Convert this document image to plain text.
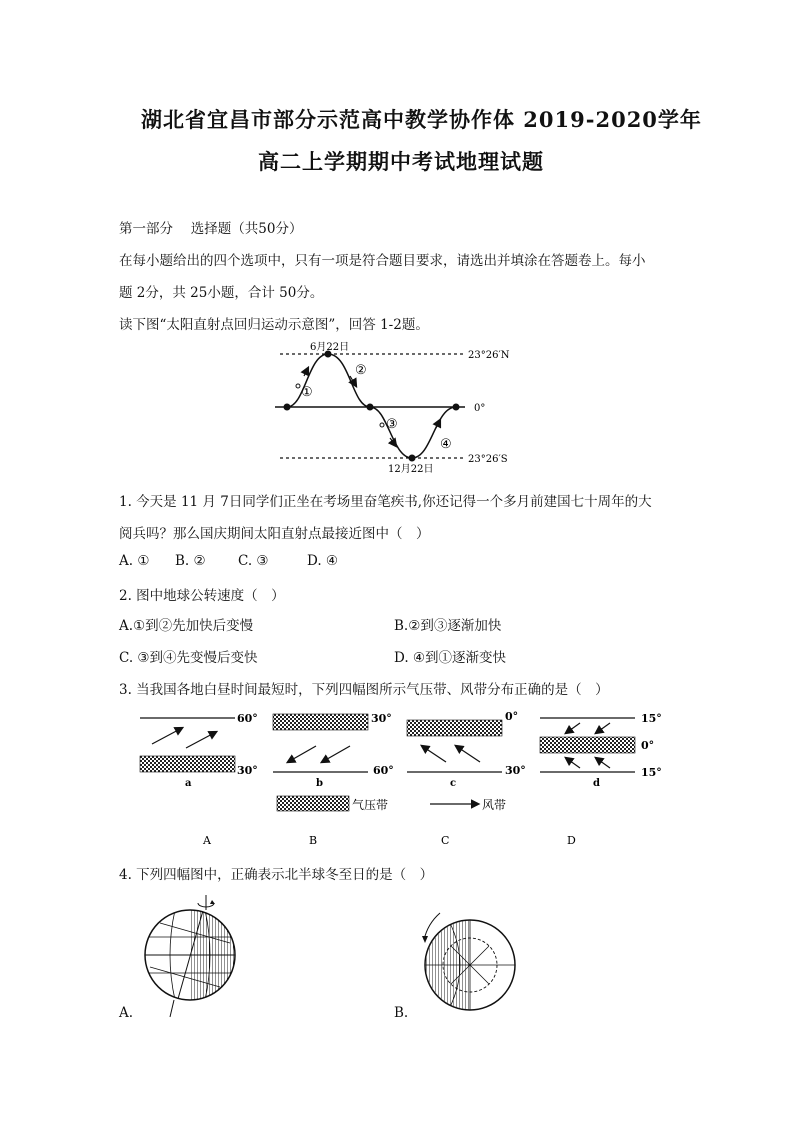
湖北省宜昌市部分示范高中教学协作体 2019-2020学年
高二上学期期中考试地理试题
第一部分　 选择题（共50分）
在每小题给出的四个选项中，只有一项是符合题目要求，请选出并填涂在答题卷上。每小
题 2分，共 25小题，合计 50分。
读下图“太阳直射点回归运动示意图”，回答 1-2题。
6月22日
12月22日
23°26′N
0°
23°26′S
①
②
③
④
1. 今天是 11 月 7日同学们正坐在考场里奋笔疾书,你还记得一个多月前建国七十周年的大
阅兵吗？那么国庆期间太阳直射点最接近图中（　）
A. ① B. ② C. ③	D. ④
2. 图中地球公转速度（　）
A.①到②先加快后变慢	B.②到③逐渐加快
C. ③到④先变慢后变快	D. ④到①逐渐变快
3. 当我国各地白昼时间最短时，下列四幅图所示气压带、风带分布正确的是（　）
60°
30°
a
30°
60°
b
0°
30°
c
15°
0°
15°
d
气压带	风带
A	B	C	D
4. 下列四幅图中，正确表示北半球冬至日的是（　）
A.	B.
